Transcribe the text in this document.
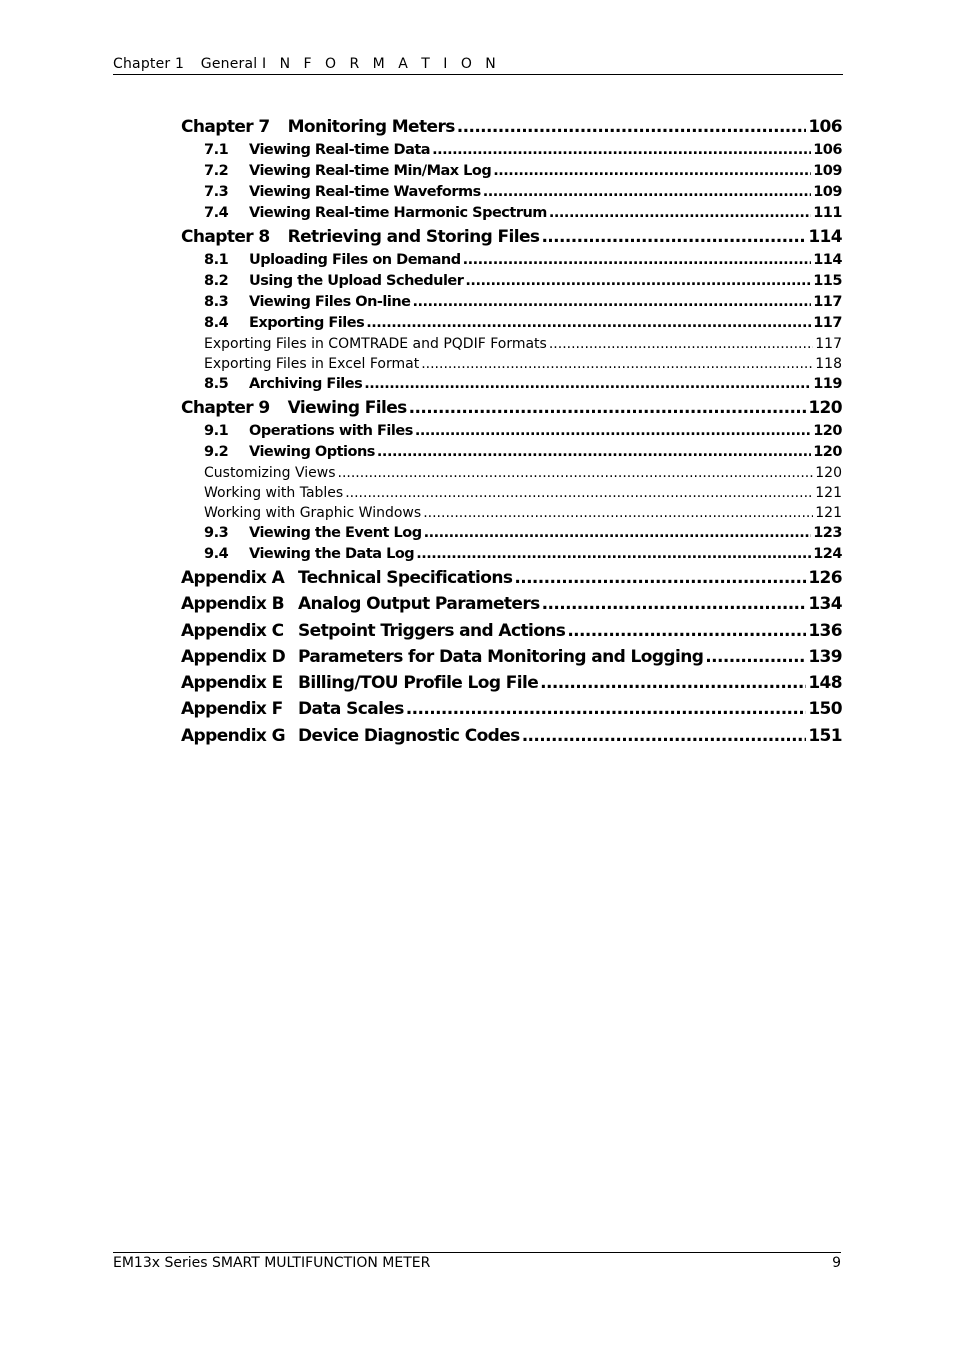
Chapter 1 General I N F O R M A T I O N
Chapter 7 Monitoring Meters .....	106
7.1	Viewing Real-time Data .....	106
7.2	Viewing Real-time Min/Max Log .....	109
7.3	Viewing Real-time Waveforms .....	109
7.4	Viewing Real-time Harmonic Spectrum .....	111
Chapter 8 Retrieving and Storing Files .....	114
8.1	Uploading Files on Demand .....	114
8.2	Using the Upload Scheduler .....	115
8.3	Viewing Files On-line .....	117
8.4	Exporting Files .....	117
Exporting Files in COMTRADE and PQDIF Formats .....	117
Exporting Files in Excel Format .....	118
8.5	Archiving Files .....	119
Chapter 9 Viewing Files .....	120
9.1	Operations with Files .....	120
9.2	Viewing Options .....	120
Customizing Views .....	120
Working with Tables .....	121
Working with Graphic Windows .....	121
9.3	Viewing the Event Log .....	123
9.4	Viewing the Data Log .....	124
Appendix A Technical Specifications .....	126
Appendix B Analog Output Parameters .....	134
Appendix C Setpoint Triggers and Actions .....	136
Appendix D Parameters for Data Monitoring and Logging .....	139
Appendix E Billing/TOU Profile Log File .....	148
Appendix F Data Scales .....	150
Appendix G Device Diagnostic Codes .....	151
EM13x Series SMART MULTIFUNCTION METER	9
